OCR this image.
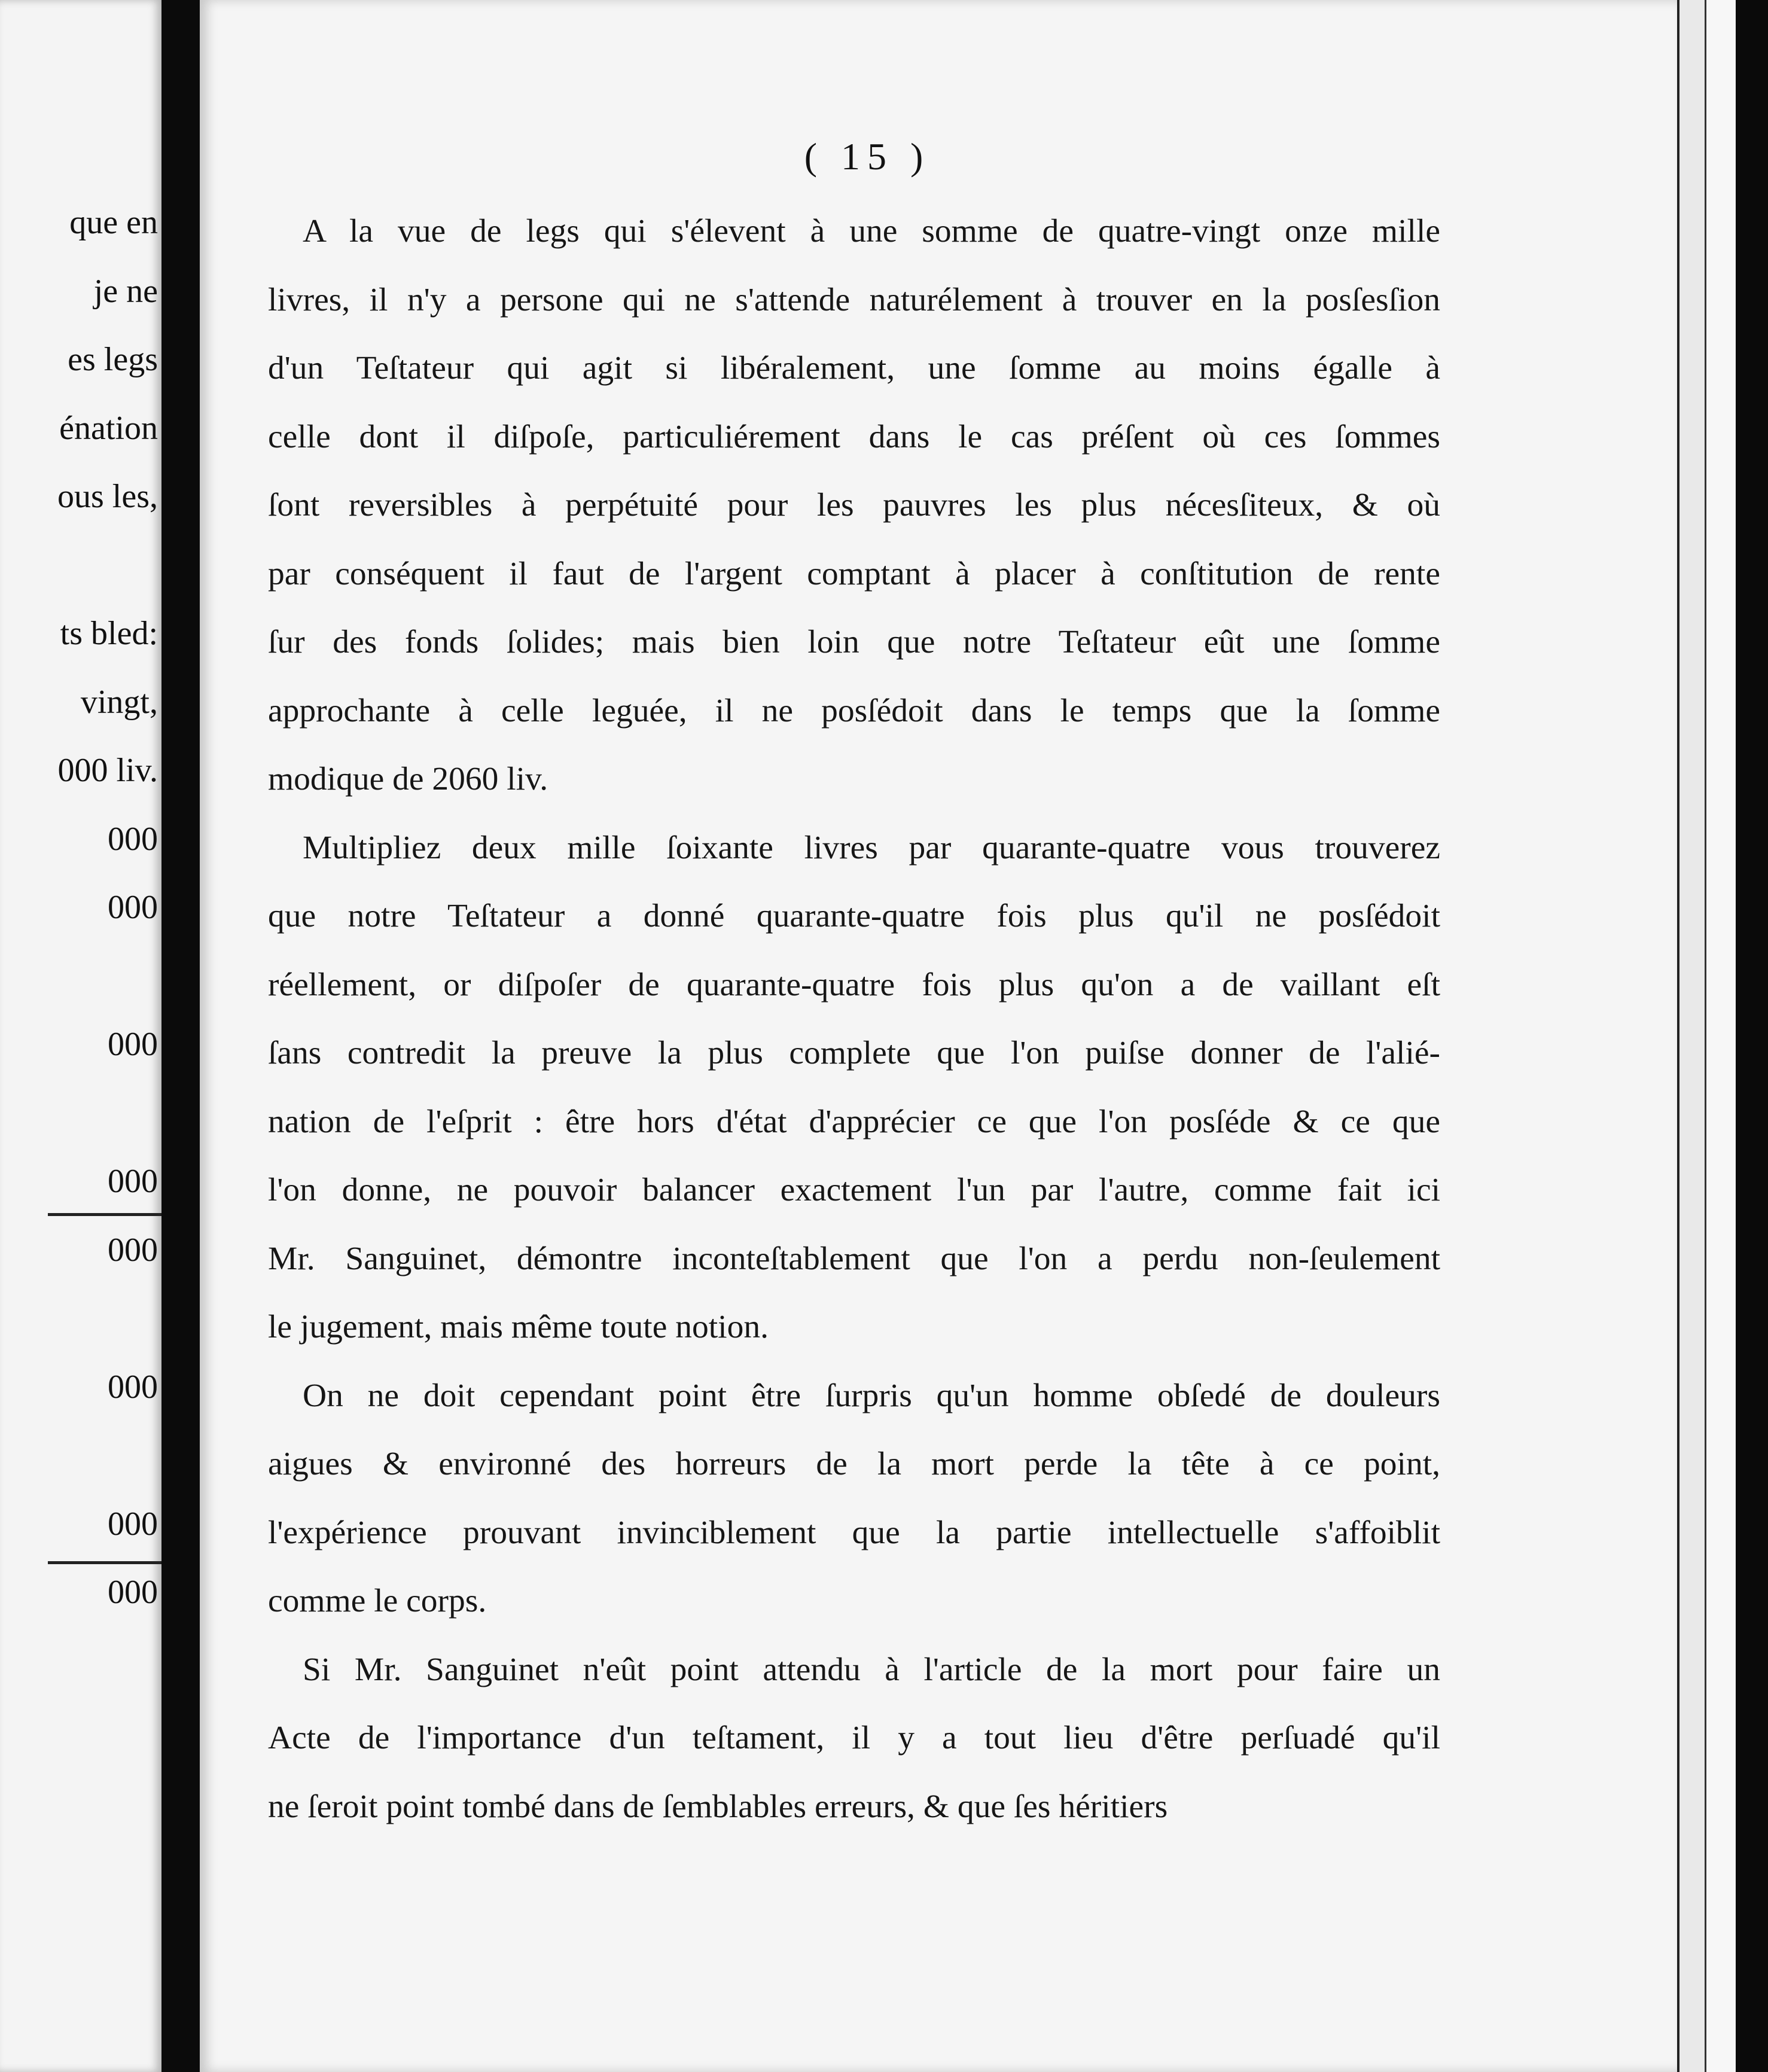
que en
je ne
es legs
énation
ous les,
ts bled:
vingt,
000 liv.
000
000
000
000
000
000
000
000
( 15 )
A la vue de legs qui s'élevent à une somme de quatre-vingt onze mille
livres, il n'y a persone qui ne s'attende naturélement à trouver en la posſesſion
d'un Teſtateur qui agit si libéralement, une ſomme au moins égalle à
celle dont il diſpoſe, particuliérement dans le cas préſent où ces ſommes
ſont reversibles à perpétuité pour les pauvres les plus nécesſiteux, & où
par conséquent il faut de l'argent comptant à placer à conſtitution de rente
ſur des fonds ſolides; mais bien loin que notre Teſtateur eût une ſomme
approchante à celle leguée, il ne posſédoit dans le temps que la ſomme
modique de 2060 liv.
Multipliez deux mille ſoixante livres par quarante-quatre vous trouverez
que notre Teſtateur a donné quarante-quatre fois plus qu'il ne posſédoit
réellement, or diſpoſer de quarante-quatre fois plus qu'on a de vaillant eſt
ſans contredit la preuve la plus complete que l'on puiſse donner de l'alié-
nation de l'eſprit : être hors d'état d'apprécier ce que l'on posſéde & ce que
l'on donne, ne pouvoir balancer exactement l'un par l'autre, comme fait ici
Mr. Sanguinet, démontre inconteſtablement que l'on a perdu non-ſeulement
le jugement, mais même toute notion.
On ne doit cependant point être ſurpris qu'un homme obſedé de douleurs
aigues & environné des horreurs de la mort perde la tête à ce point,
l'expérience prouvant invinciblement que la partie intellectuelle s'affoiblit
comme le corps.
Si Mr. Sanguinet n'eût point attendu à l'article de la mort pour faire un
Acte de l'importance d'un teſtament, il y a tout lieu d'être perſuadé qu'il
ne ſeroit point tombé dans de ſemblables erreurs, & que ſes héritiers
